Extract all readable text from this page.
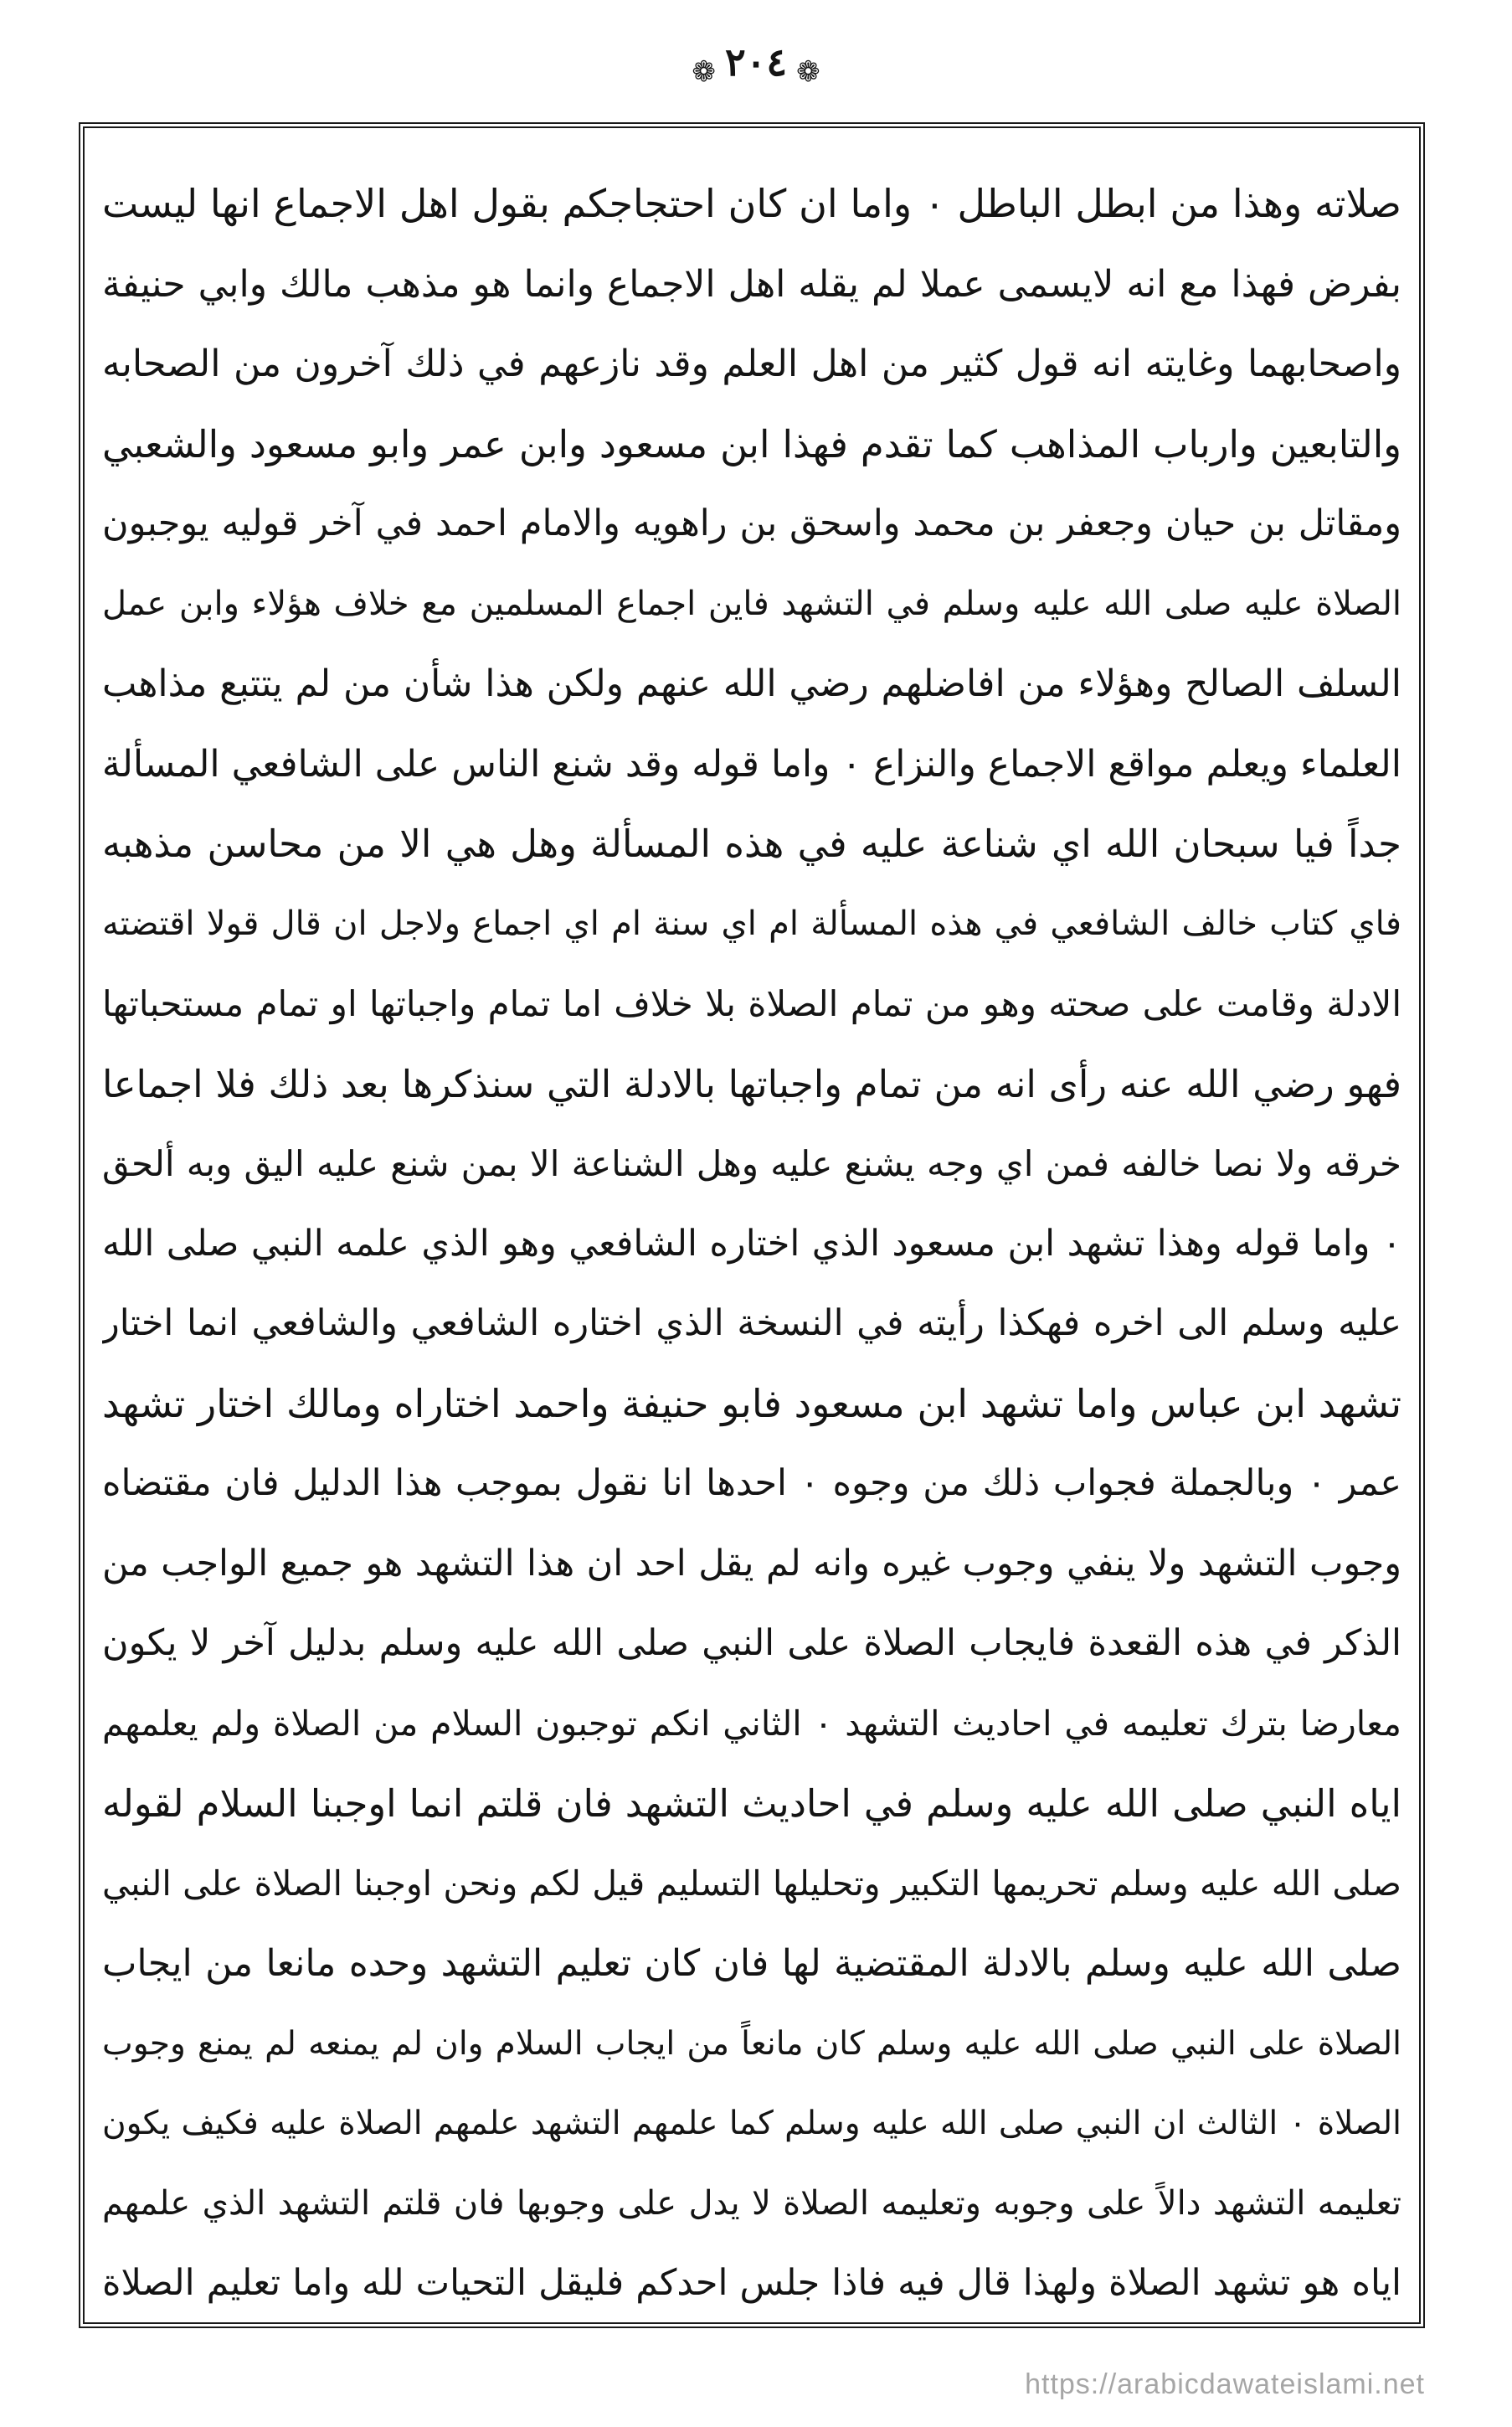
❁ ٢٠٤ ❁
صلاته وهذا من ابطل الباطل ۰ واما ان كان احتجاجكم بقول اهل الاجماع انها ليست
بفرض فهذا مع انه لايسمى عملا لم يقله اهل الاجماع وانما هو مذهب مالك وابي حنيفة
واصحابهما وغايته انه قول كثير من اهل العلم وقد نازعهم في ذلك آخرون من الصحابه
والتابعين وارباب المذاهب كما تقدم فهذا ابن مسعود وابن عمر وابو مسعود والشعبي
ومقاتل بن حيان وجعفر بن محمد واسحق بن راهويه والامام احمد في آخر قوليه يوجبون
الصلاة عليه صلى الله عليه وسلم في التشهد فاين اجماع المسلمين مع خلاف هؤلاء وابن عمل
السلف الصالح وهؤلاء من افاضلهم رضي الله عنهم ولكن هذا شأن من لم يتتبع مذاهب
العلماء ويعلم مواقع الاجماع والنزاع ۰ واما قوله وقد شنع الناس على الشافعي المسألة
جداً فيا سبحان الله اي شناعة عليه في هذه المسألة وهل هي الا من محاسن مذهبه
فاي كتاب خالف الشافعي في هذه المسألة ام اي سنة ام اي اجماع ولاجل ان قال قولا اقتضته
الادلة وقامت على صحته وهو من تمام الصلاة بلا خلاف اما تمام واجباتها او تمام مستحباتها
فهو رضي الله عنه رأى انه من تمام واجباتها بالادلة التي سنذكرها بعد ذلك فلا اجماعا
خرقه ولا نصا خالفه فمن اي وجه يشنع عليه وهل الشناعة الا بمن شنع عليه اليق وبه ألحق
۰ واما قوله وهذا تشهد ابن مسعود الذي اختاره الشافعي وهو الذي علمه النبي صلى الله
عليه وسلم الى اخره فهكذا رأيته في النسخة الذي اختاره الشافعي والشافعي انما اختار
تشهد ابن عباس واما تشهد ابن مسعود فابو حنيفة واحمد اختاراه ومالك اختار تشهد
عمر ۰ وبالجملة فجواب ذلك من وجوه ۰ احدها انا نقول بموجب هذا الدليل فان مقتضاه
وجوب التشهد ولا ينفي وجوب غيره وانه لم يقل احد ان هذا التشهد هو جميع الواجب من
الذكر في هذه القعدة فايجاب الصلاة على النبي صلى الله عليه وسلم بدليل آخر لا يكون
معارضا بترك تعليمه في احاديث التشهد ۰ الثاني انكم توجبون السلام من الصلاة ولم يعلمهم
اياه النبي صلى الله عليه وسلم في احاديث التشهد فان قلتم انما اوجبنا السلام لقوله
صلى الله عليه وسلم تحريمها التكبير وتحليلها التسليم قيل لكم ونحن اوجبنا الصلاة على النبي
صلى الله عليه وسلم بالادلة المقتضية لها فان كان تعليم التشهد وحده مانعا من ايجاب
الصلاة على النبي صلى الله عليه وسلم كان مانعاً من ايجاب السلام وان لم يمنعه لم يمنع وجوب
الصلاة ۰ الثالث ان النبي صلى الله عليه وسلم كما علمهم التشهد علمهم الصلاة عليه فكيف يكون
تعليمه التشهد دالاً على وجوبه وتعليمه الصلاة لا يدل على وجوبها فان قلتم التشهد الذي علمهم
اياه هو تشهد الصلاة ولهذا قال فيه فاذا جلس احدكم فليقل التحيات لله واما تعليم الصلاة
https://arabicdawateislami.net
